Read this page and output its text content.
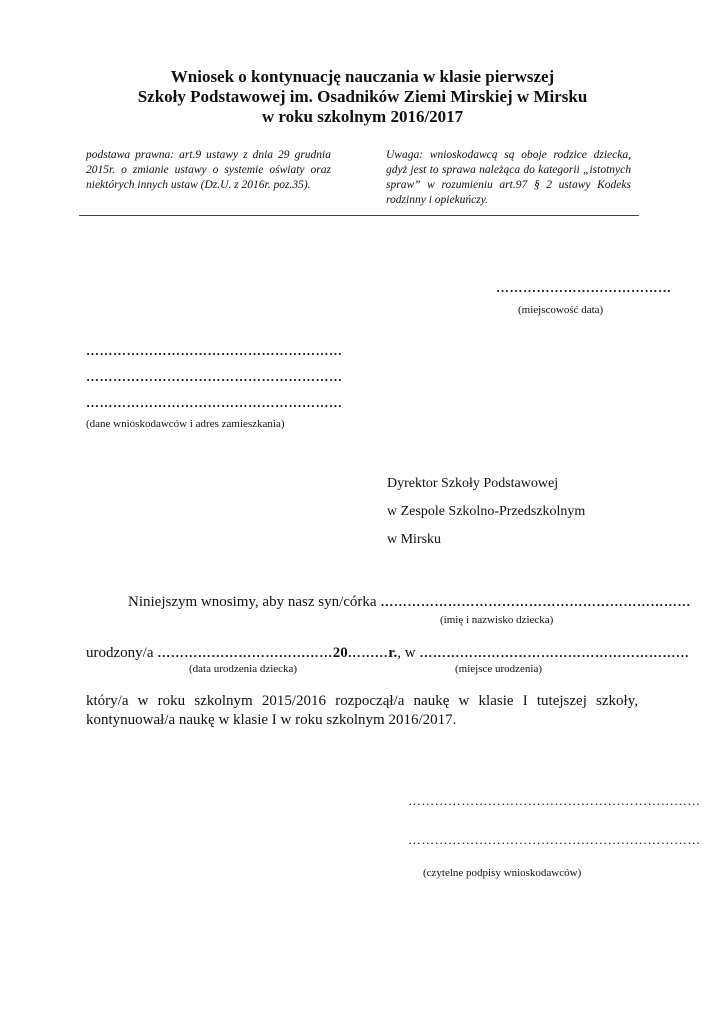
Wniosek o kontynuację nauczania w klasie pierwszej
Szkoły Podstawowej im. Osadników Ziemi Mirskiej w Mirsku
w roku szkolnym 2016/2017
podstawa prawna: art.9 ustawy z dnia 29 grudnia 2015r. o zmianie ustawy o systemie oświaty oraz niektórych innych ustaw (Dz.U. z 2016r. poz.35).
Uwaga: wnioskodawcą są oboje rodzice dziecka, gdyż jest to sprawa należąca do kategorii „istotnych spraw” w rozumieniu art.97 § 2 ustawy Kodeks rodzinny i opiekuńczy.
…………………………………
(miejscowość data)
…………………………………………………
…………………………………………………
…………………………………………………
(dane wnioskodawców i adres zamieszkania)
Dyrektor Szkoły Podstawowej
w Zespole Szkolno-Przedszkolnym
w Mirsku
Niniejszym wnosimy, aby nasz syn/córka ……………………………………………………………
(imię i nazwisko dziecka)
urodzony/a …………………………………20………r., w ……………………………………………………
(data urodzenia dziecka)	(miejsce urodzenia)
który/a w roku szkolnym 2015/2016 rozpoczął/a naukę w klasie I tutejszej szkoły, kontynuował/a naukę w klasie I w roku szkolnym 2016/2017.
…………………………………………………………
…………………………………………………………
(czytelne podpisy wnioskodawców)
